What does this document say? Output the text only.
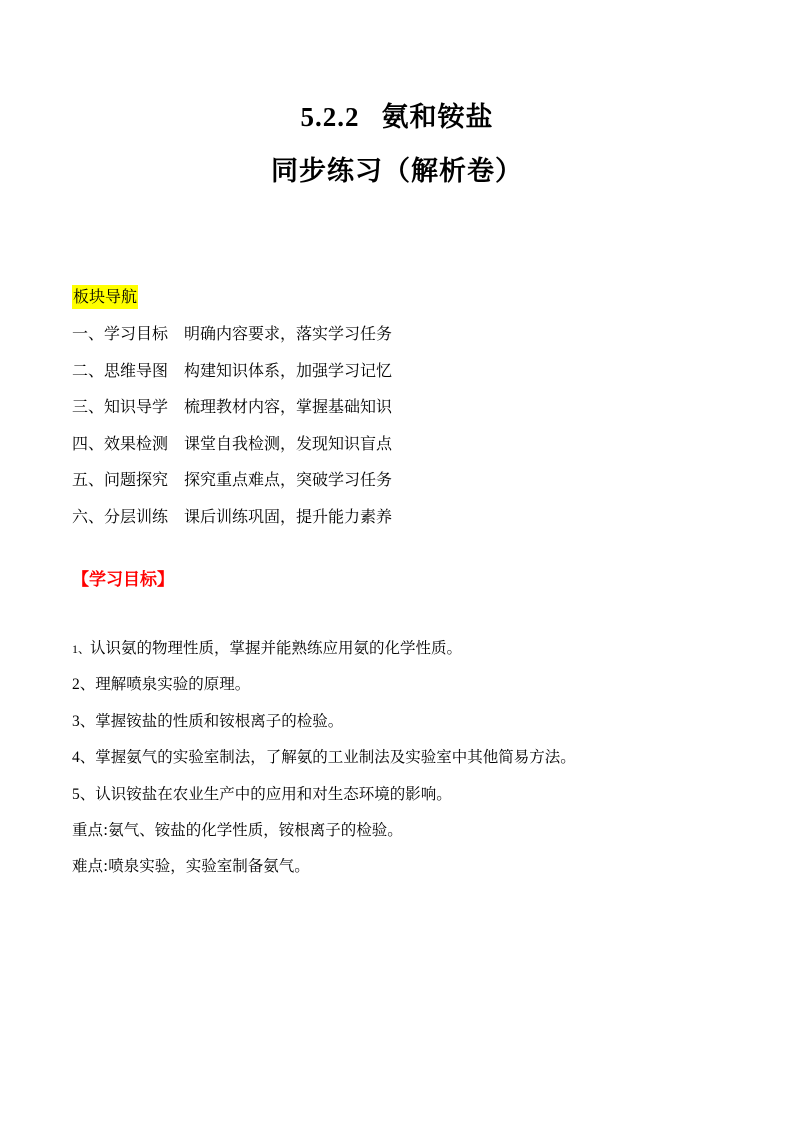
5.2.2 氨和铵盐
同步练习（解析卷）
板块导航
一、学习目标 明确内容要求，落实学习任务
二、思维导图 构建知识体系，加强学习记忆
三、知识导学 梳理教材内容，掌握基础知识
四、效果检测 课堂自我检测，发现知识盲点
五、问题探究 探究重点难点，突破学习任务
六、分层训练 课后训练巩固，提升能力素养
【学习目标】
1、认识氨的物理性质，掌握并能熟练应用氨的化学性质。
2、理解喷泉实验的原理。
3、掌握铵盐的性质和铵根离子的检验。
4、掌握氨气的实验室制法，了解氨的工业制法及实验室中其他简易方法。
5、认识铵盐在农业生产中的应用和对生态环境的影响。
重点:氨气、铵盐的化学性质，铵根离子的检验。
难点:喷泉实验，实验室制备氨气。
